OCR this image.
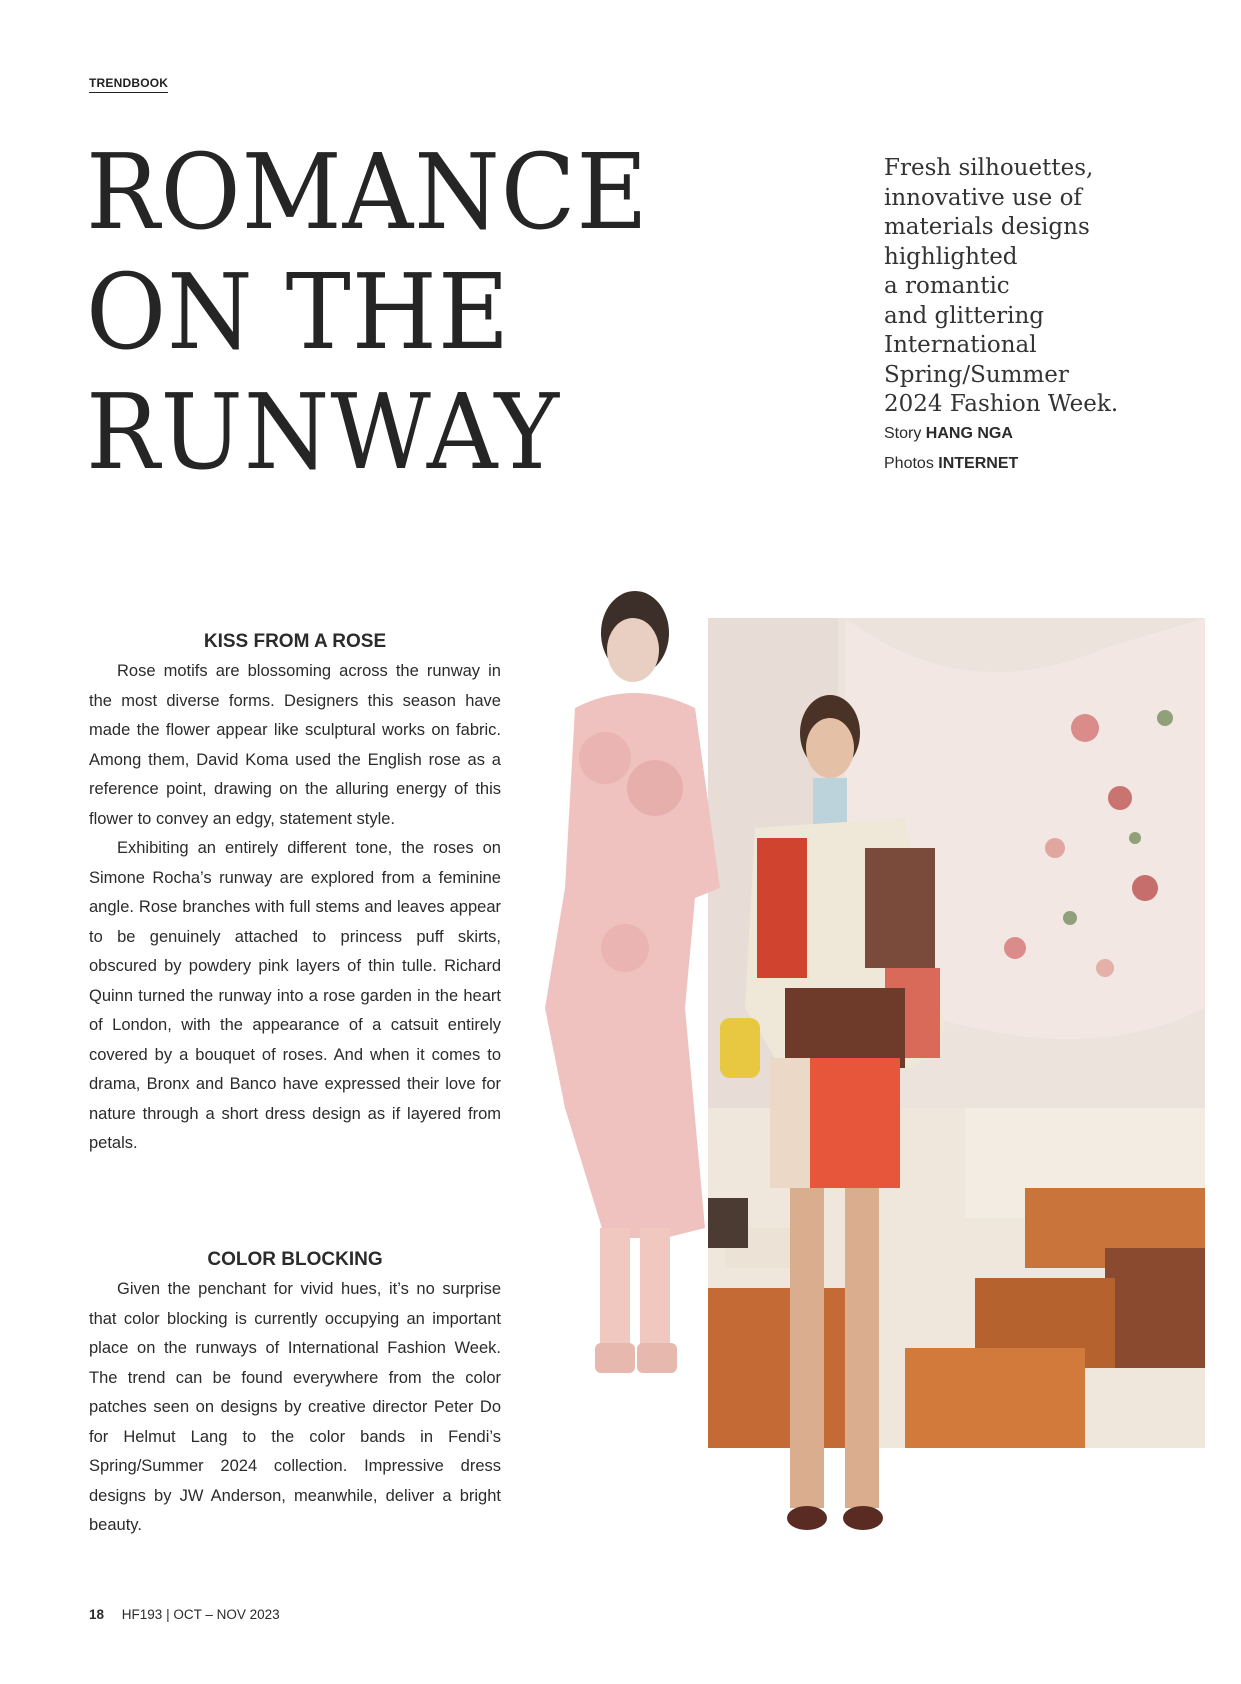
TRENDBOOK
ROMANCE
ON THE
RUNWAY
Fresh silhouettes,
innovative use of
materials designs
highlighted
a romantic
and glittering
International
Spring/Summer
2024 Fashion Week.
Story HANG NGA
Photos INTERNET
KISS FROM A ROSE

Rose motifs are blossoming across the runway in the most diverse forms. Designers this season have made the flower appear like sculptural works on fabric. Among them, David Koma used the English rose as a reference point, drawing on the alluring energy of this flower to convey an edgy, statement style.

Exhibiting an entirely different tone, the roses on Simone Rocha’s runway are explored from a feminine angle. Rose branches with full stems and leaves appear to be genuinely attached to princess puff skirts, obscured by powdery pink layers of thin tulle. Richard Quinn turned the runway into a rose garden in the heart of London, with the appearance of a catsuit entirely covered by a bouquet of roses. And when it comes to drama, Bronx and Banco have expressed their love for nature through a short dress design as if layered from petals.

COLOR BLOCKING

Given the penchant for vivid hues, it’s no surprise that color blocking is currently occupying an important place on the runways of International Fashion Week. The trend can be found everywhere from the color patches seen on designs by creative director Peter Do for Helmut Lang to the color bands in Fendi’s Spring/Summer 2024 collection. Impressive dress designs by JW Anderson, meanwhile, deliver a bright beauty.

18 HF193 | OCT – NOV 2023
